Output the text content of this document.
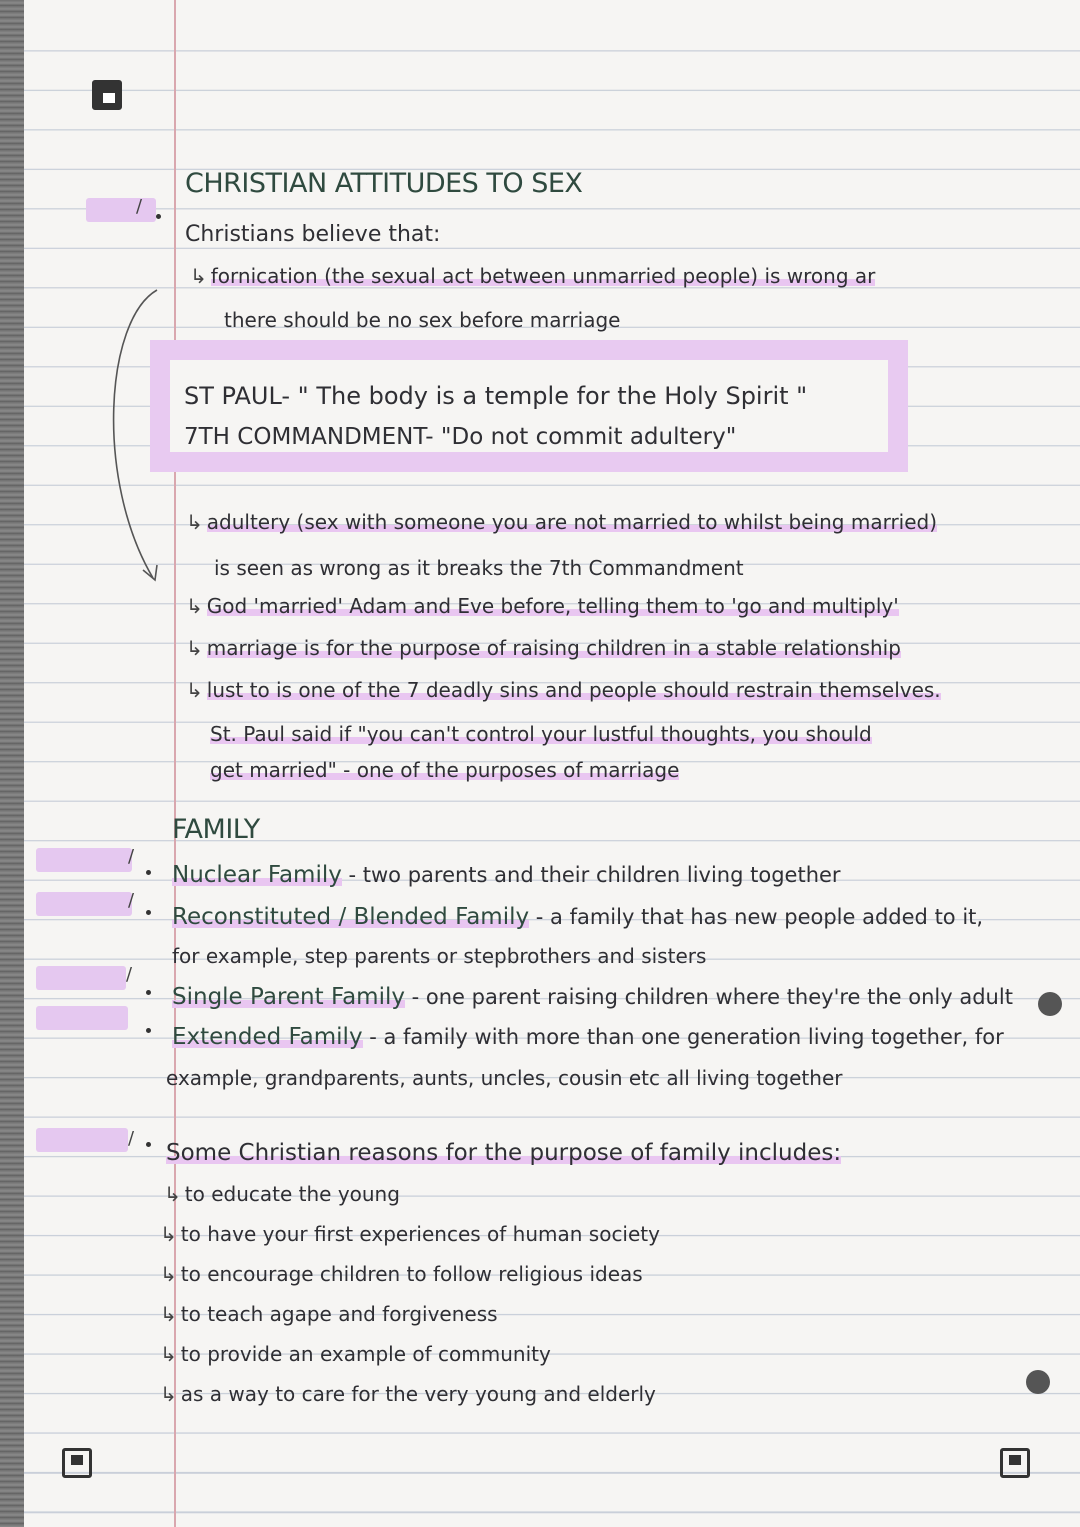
/
/
/
/
/
CHRISTIAN ATTITUDES TO SEX
Christians believe that:
↳ fornication (the sexual act between unmarried people) is wrong ar
there should be no sex before marriage
ST PAUL- " The body is a temple for the Holy Spirit "
7TH COMMANDMENT- "Do not commit adultery"
↳ adultery (sex with someone you are not married to whilst being married)
is seen as wrong as it breaks the 7th Commandment
↳ God 'married' Adam and Eve before, telling them to 'go and multiply'
↳ marriage is for the purpose of raising children in a stable relationship
↳ lust to is one of the 7 deadly sins and people should restrain themselves.
St. Paul said if "you can't control your lustful thoughts, you should
get married" - one of the purposes of marriage
FAMILY
Nuclear Family - two parents and their children living together
Reconstituted / Blended Family - a family that has new people added to it,
for example, step parents or stepbrothers and sisters
Single Parent Family - one parent raising children where they're the only adult
Extended Family - a family with more than one generation living together, for
example, grandparents, aunts, uncles, cousin etc all living together
Some Christian reasons for the purpose of family includes:
↳ to educate the young
↳ to have your first experiences of human society
↳ to encourage children to follow religious ideas
↳ to teach agape and forgiveness
↳ to provide an example of community
↳ as a way to care for the very young and elderly
